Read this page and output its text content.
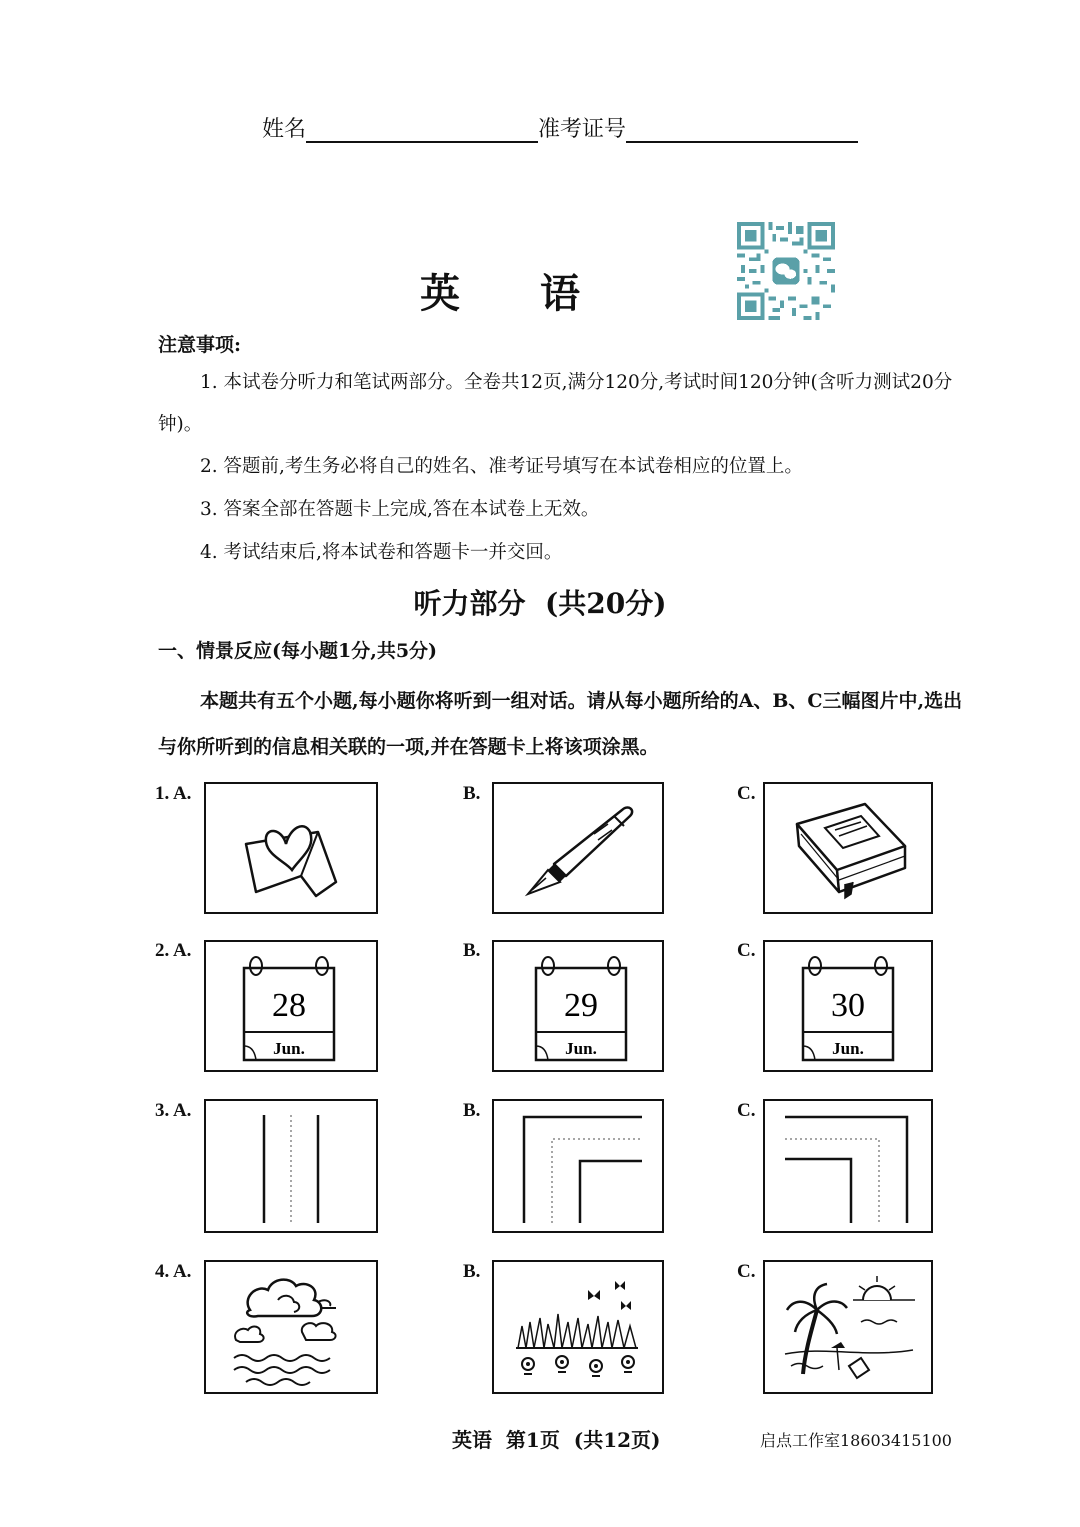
姓名	准考证号
英语
注意事项:

1. 本试卷分听力和笔试两部分。全卷共12页,满分120分,考试时间120分钟(含听力测试20分钟)。

2. 答题前,考生务必将自己的姓名、准考证号填写在本试卷相应的位置上。

3. 答案全部在答题卡上完成,答在本试卷上无效。

4. 考试结束后,将本试卷和答题卡一并交回。

听力部分  (共20分)
一、情景反应(每小题1分,共5分)

本题共有五个小题,每小题你将听到一组对话。请从每小题所给的A、B、C三幅图片中,选出与你所听到的信息相关联的一项,并在答题卡上将该项涂黑。

1. A.	B.	C.
2. A.	B.	C.
28
Jun.
29
Jun.
30
Jun.
3. A.	B.	C.
4. A.	B.	C.
英语  第1页  (共12页)	启点工作室18603415100
